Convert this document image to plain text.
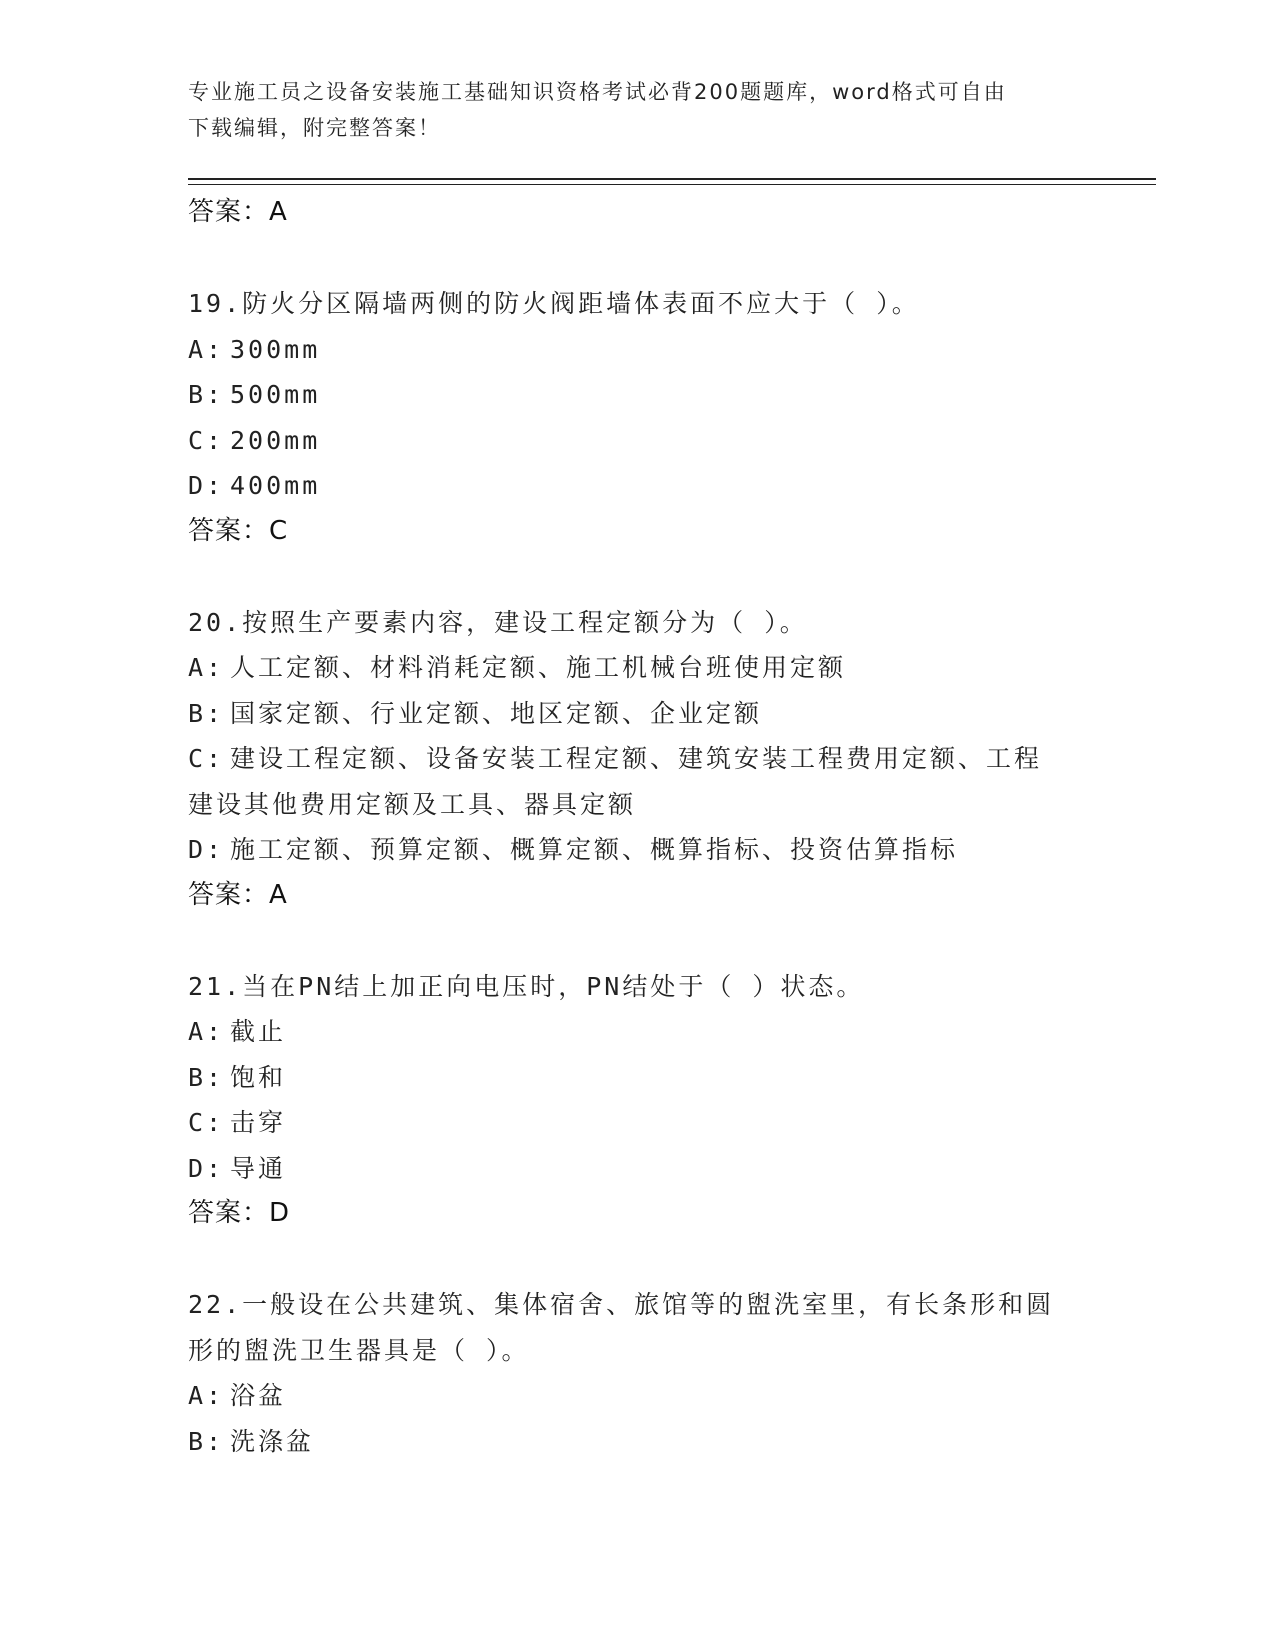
专业施工员之设备安装施工基础知识资格考试必背200题题库，word格式可自由
下载编辑，附完整答案！
答案：A
19.防火分区隔墙两侧的防火阀距墙体表面不应大于（ ）。
A: 300mm
B: 500mm
C: 200mm
D: 400mm
答案：C
20.按照生产要素内容，建设工程定额分为（ ）。
A: 人工定额、材料消耗定额、施工机械台班使用定额
B: 国家定额、行业定额、地区定额、企业定额
C: 建设工程定额、设备安装工程定额、建筑安装工程费用定额、工程
建设其他费用定额及工具、器具定额
D: 施工定额、预算定额、概算定额、概算指标、投资估算指标
答案：A
21.当在PN结上加正向电压时，PN结处于（ ）状态。
A: 截止
B: 饱和
C: 击穿
D: 导通
答案：D
22.一般设在公共建筑、集体宿舍、旅馆等的盥洗室里，有长条形和圆
形的盥洗卫生器具是（ ）。
A: 浴盆
B: 洗涤盆
